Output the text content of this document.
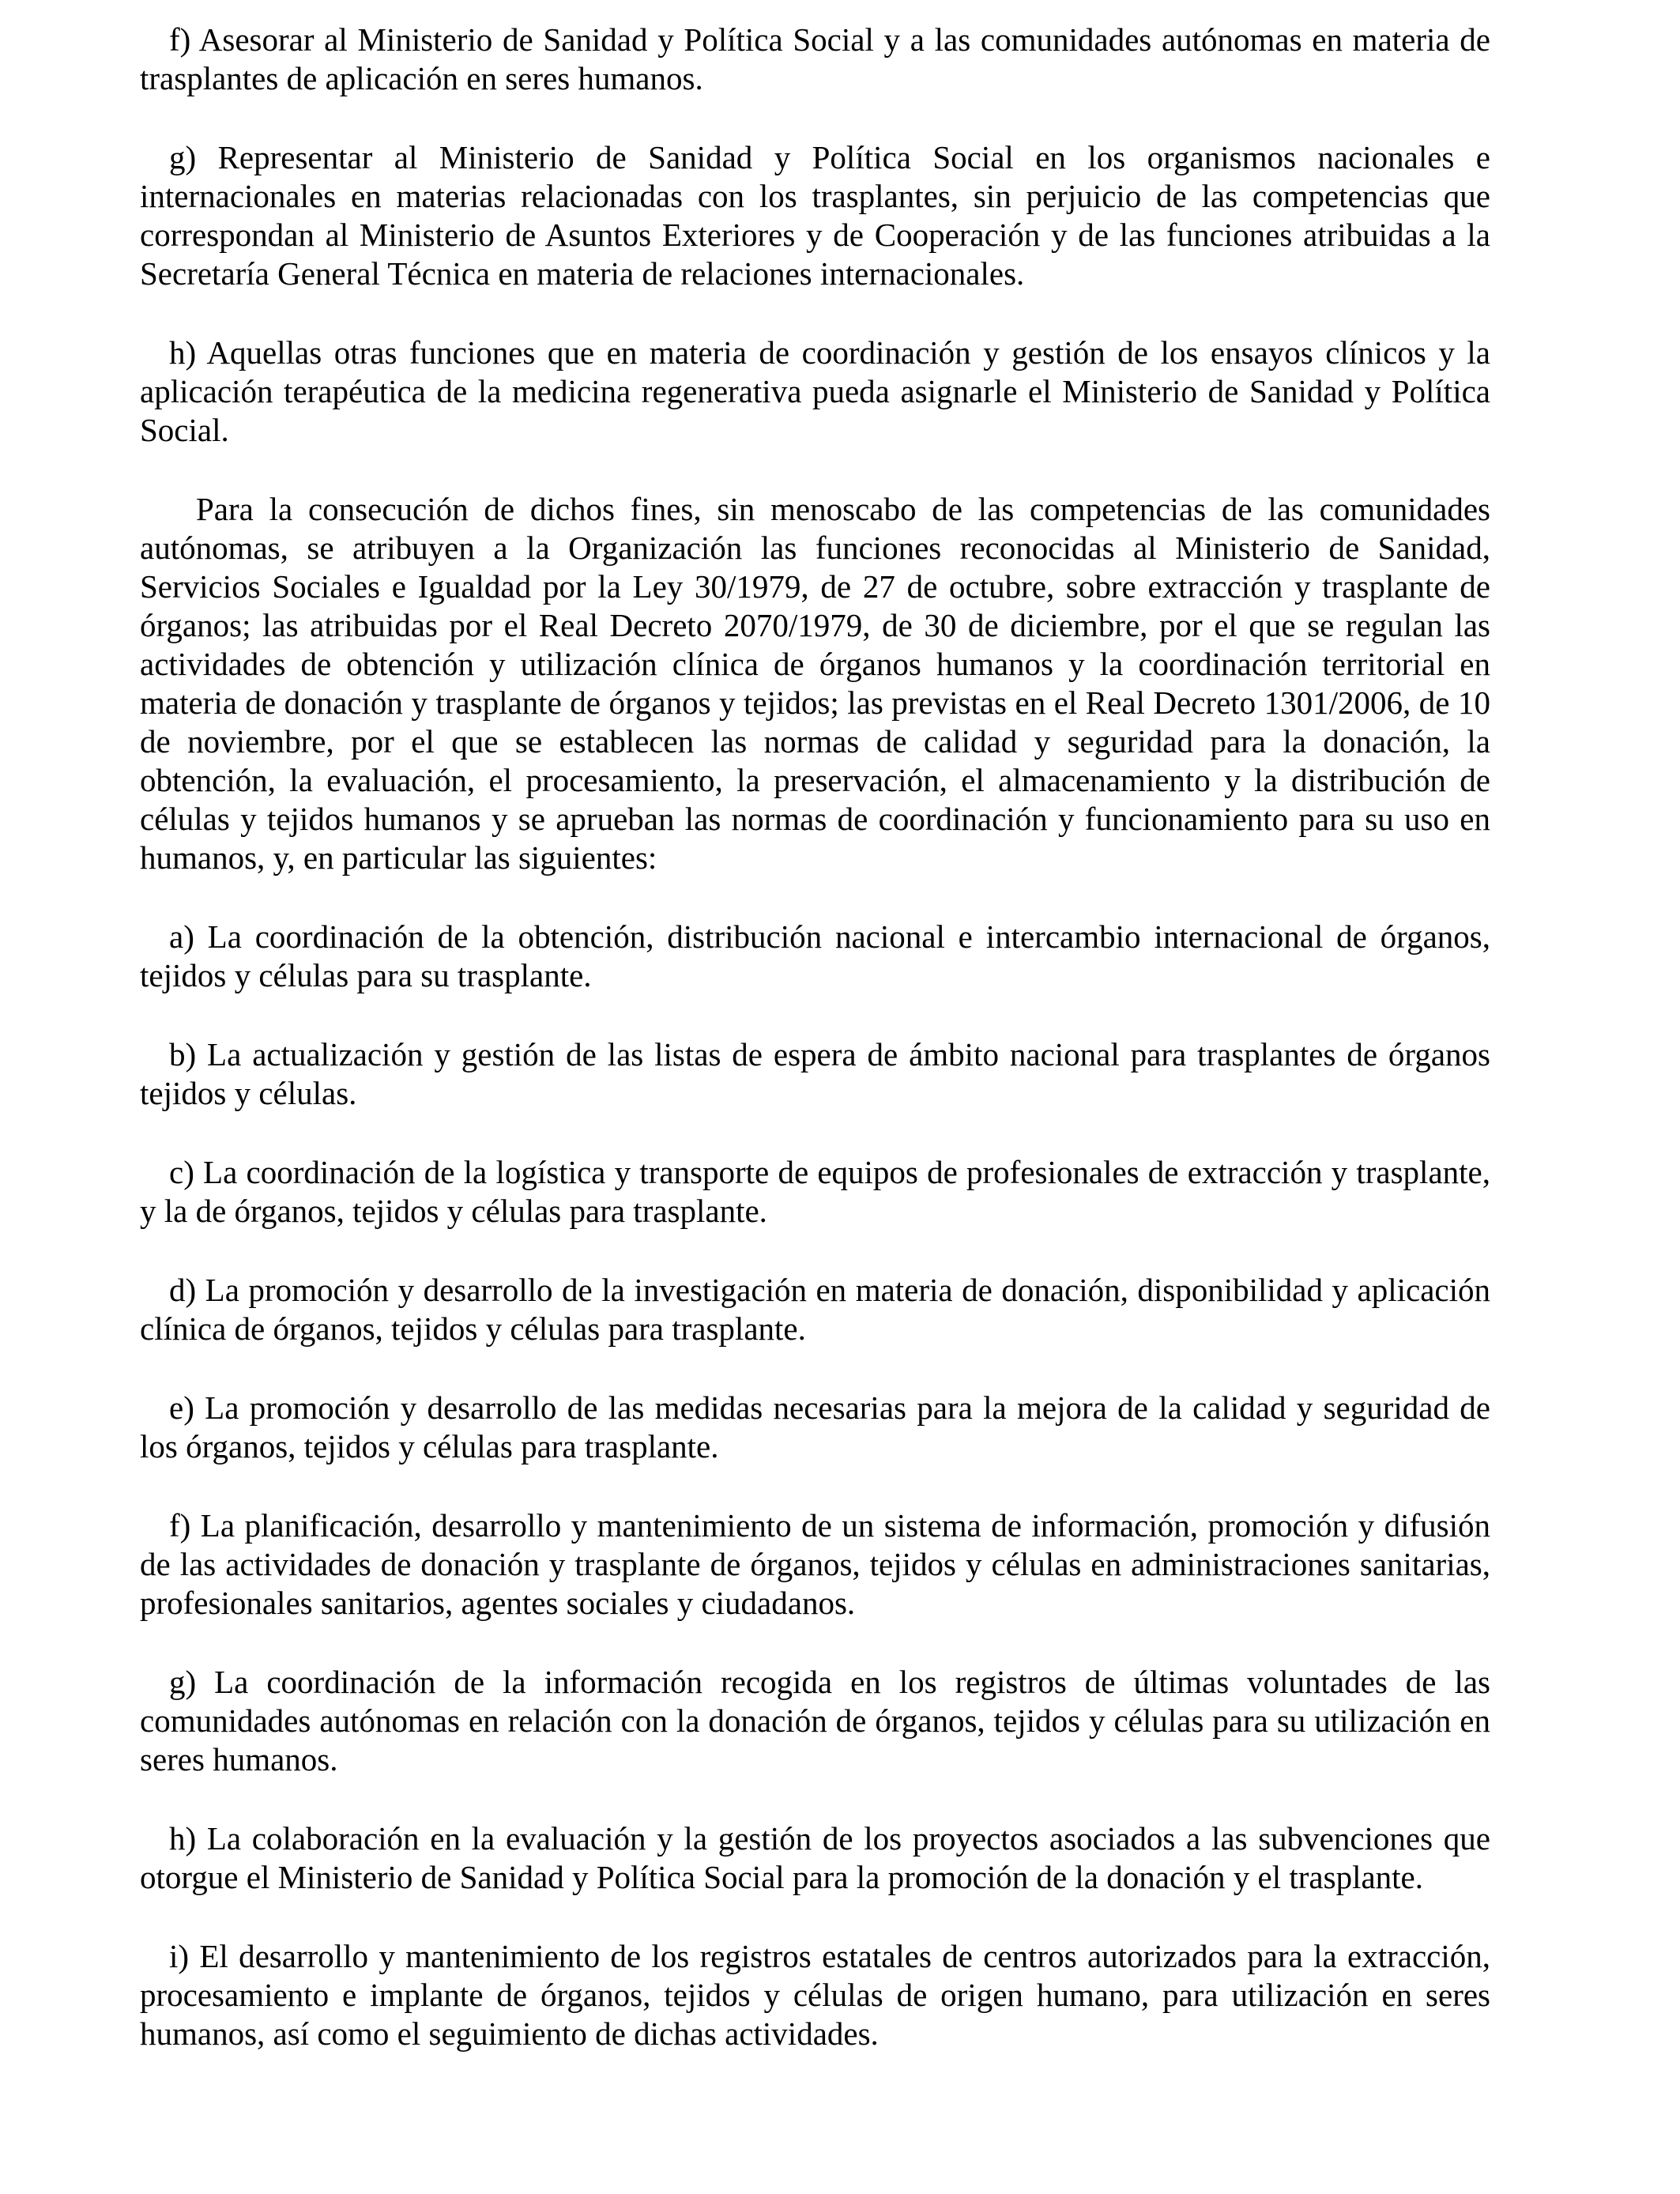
f) Asesorar al Ministerio de Sanidad y Política Social y a las comunidades autónomas en materia de trasplantes de aplicación en seres humanos.

g) Representar al Ministerio de Sanidad y Política Social en los organismos nacionales e internacionales en materias relacionadas con los trasplantes, sin perjuicio de las competencias que correspondan al Ministerio de Asuntos Exteriores y de Cooperación y de las funciones atribuidas a la Secretaría General Técnica en materia de relaciones internacionales.

h) Aquellas otras funciones que en materia de coordinación y gestión de los ensayos clínicos y la aplicación terapéutica de la medicina regenerativa pueda asignarle el Ministerio de Sanidad y Política Social.

Para la consecución de dichos fines, sin menoscabo de las competencias de las comunidades autónomas, se atribuyen a la Organización las funciones reconocidas al Ministerio de Sanidad, Servicios Sociales e Igualdad por la Ley 30/1979, de 27 de octubre, sobre extracción y trasplante de órganos; las atribuidas por el Real Decreto 2070/1979, de 30 de diciembre, por el que se regulan las actividades de obtención y utilización clínica de órganos humanos y la coordinación territorial en materia de donación y trasplante de órganos y tejidos; las previstas en el Real Decreto 1301/2006, de 10 de noviembre, por el que se establecen las normas de calidad y seguridad para la donación, la obtención, la evaluación, el procesamiento, la preservación, el almacenamiento y la distribución de células y tejidos humanos y se aprueban las normas de coordinación y funcionamiento para su uso en humanos, y, en particular las siguientes:

a) La coordinación de la obtención, distribución nacional e intercambio internacional de órganos, tejidos y células para su trasplante.

b) La actualización y gestión de las listas de espera de ámbito nacional para trasplantes de órganos tejidos y células.

c) La coordinación de la logística y transporte de equipos de profesionales de extracción y trasplante, y la de órganos, tejidos y células para trasplante.

d) La promoción y desarrollo de la investigación en materia de donación, disponibilidad y aplicación clínica de órganos, tejidos y células para trasplante.

e) La promoción y desarrollo de las medidas necesarias para la mejora de la calidad y seguridad de los órganos, tejidos y células para trasplante.

f) La planificación, desarrollo y mantenimiento de un sistema de información, promoción y difusión de las actividades de donación y trasplante de órganos, tejidos y células en administraciones sanitarias, profesionales sanitarios, agentes sociales y ciudadanos.

g) La coordinación de la información recogida en los registros de últimas voluntades de las comunidades autónomas en relación con la donación de órganos, tejidos y células para su utilización en seres humanos.

h) La colaboración en la evaluación y la gestión de los proyectos asociados a las subvenciones que otorgue el Ministerio de Sanidad y Política Social para la promoción de la donación y el trasplante.

i) El desarrollo y mantenimiento de los registros estatales de centros autorizados para la extracción, procesamiento e implante de órganos, tejidos y células de origen humano, para utilización en seres humanos, así como el seguimiento de dichas actividades.
